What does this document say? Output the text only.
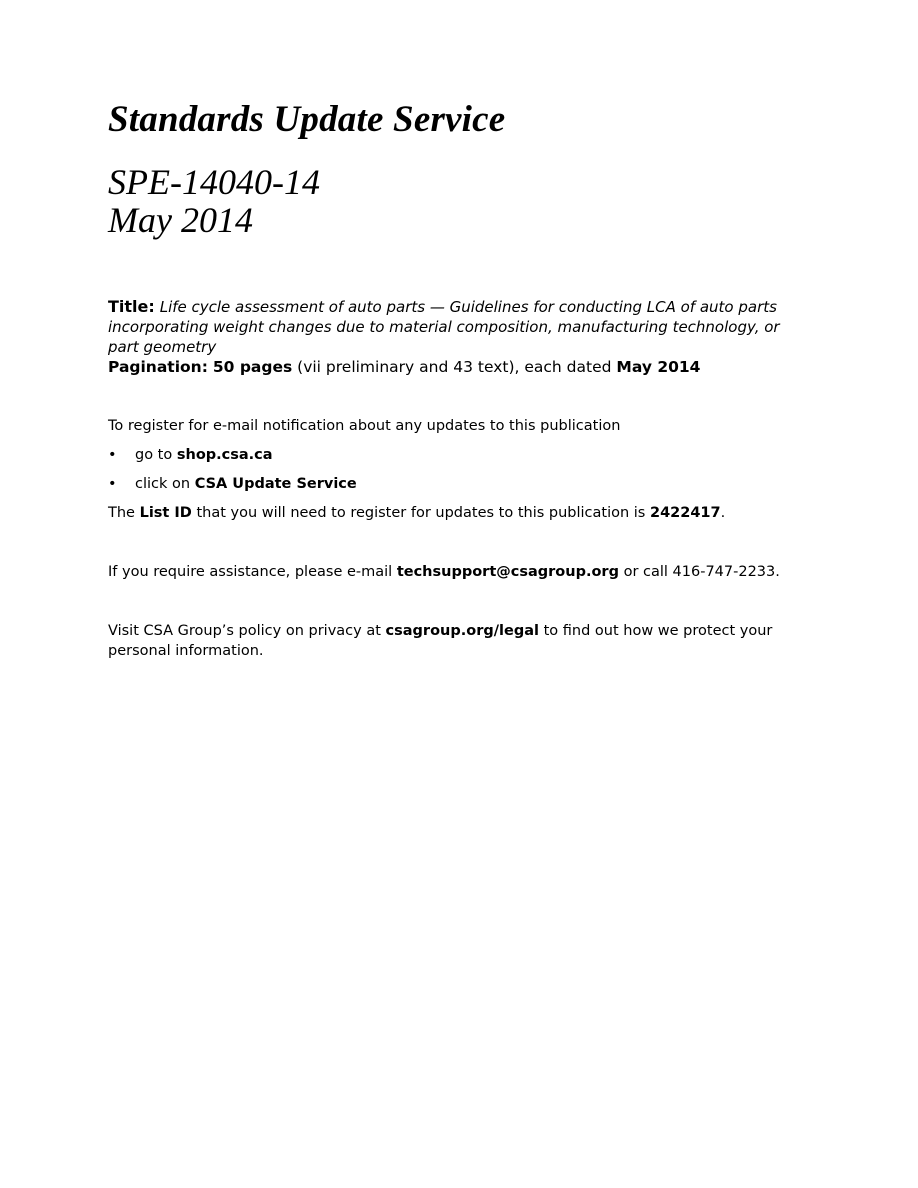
Standards Update Service

SPE-14040-14

May 2014

Title: Life cycle assessment of auto parts — Guidelines for conducting LCA of auto parts incorporating weight changes due to material composition, manufacturing technology, or part geometry
Pagination: 50 pages (vii preliminary and 43 text), each dated May 2014
To register for e-mail notification about any updates to this publication
• go to shop.csa.ca
• click on CSA Update Service
The List ID that you will need to register for updates to this publication is 2422417.
If you require assistance, please e-mail techsupport@csagroup.org or call 416-747-2233.
Visit CSA Group’s policy on privacy at csagroup.org/legal to find out how we protect your personal information.
